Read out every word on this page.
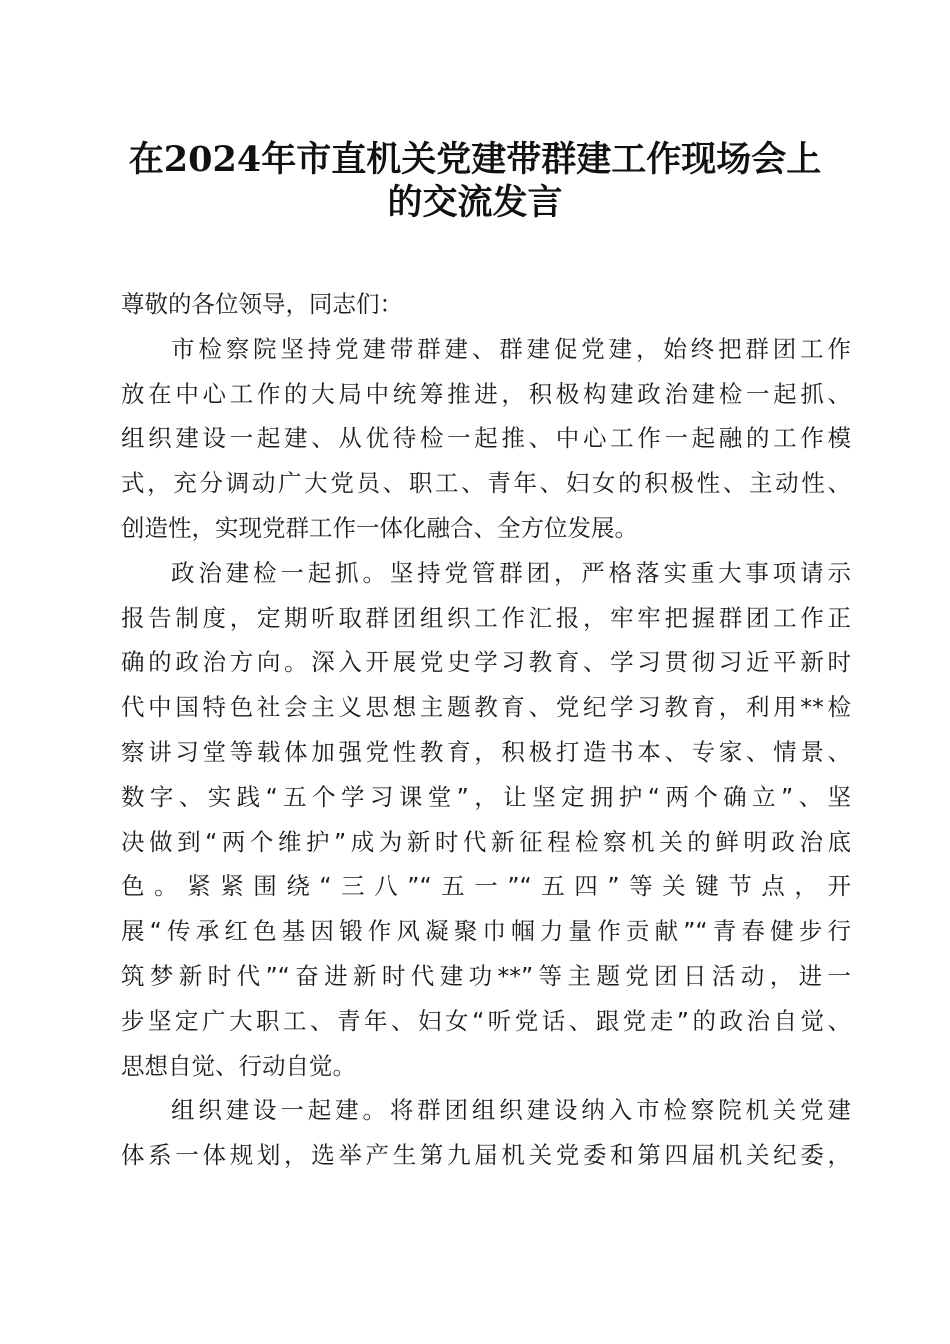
在2024年市直机关党建带群建工作现场会上
的交流发言
尊敬的各位领导，同志们：
市检察院坚持党建带群建、群建促党建，始终把群团工作
放在中心工作的大局中统筹推进，积极构建政治建检一起抓、
组织建设一起建、从优待检一起推、中心工作一起融的工作模
式，充分调动广大党员、职工、青年、妇女的积极性、主动性、
创造性，实现党群工作一体化融合、全方位发展。
政治建检一起抓。坚持党管群团，严格落实重大事项请示
报告制度，定期听取群团组织工作汇报，牢牢把握群团工作正
确的政治方向。深入开展党史学习教育、学习贯彻习近平新时
代中国特色社会主义思想主题教育、党纪学习教育，利用**检
察讲习堂等载体加强党性教育，积极打造书本、专家、情景、
数字、实践“五个学习课堂”，让坚定拥护“两个确立”、坚
决做到“两个维护”成为新时代新征程检察机关的鲜明政治底
色。紧紧围绕“三八”“五一”“五四”等关键节点，开
展“传承红色基因锻作风凝聚巾帼力量作贡献”“青春健步行
筑梦新时代”“奋进新时代建功**”等主题党团日活动，进一
步坚定广大职工、青年、妇女“听党话、跟党走”的政治自觉、
思想自觉、行动自觉。
组织建设一起建。将群团组织建设纳入市检察院机关党建
体系一体规划，选举产生第九届机关党委和第四届机关纪委，
